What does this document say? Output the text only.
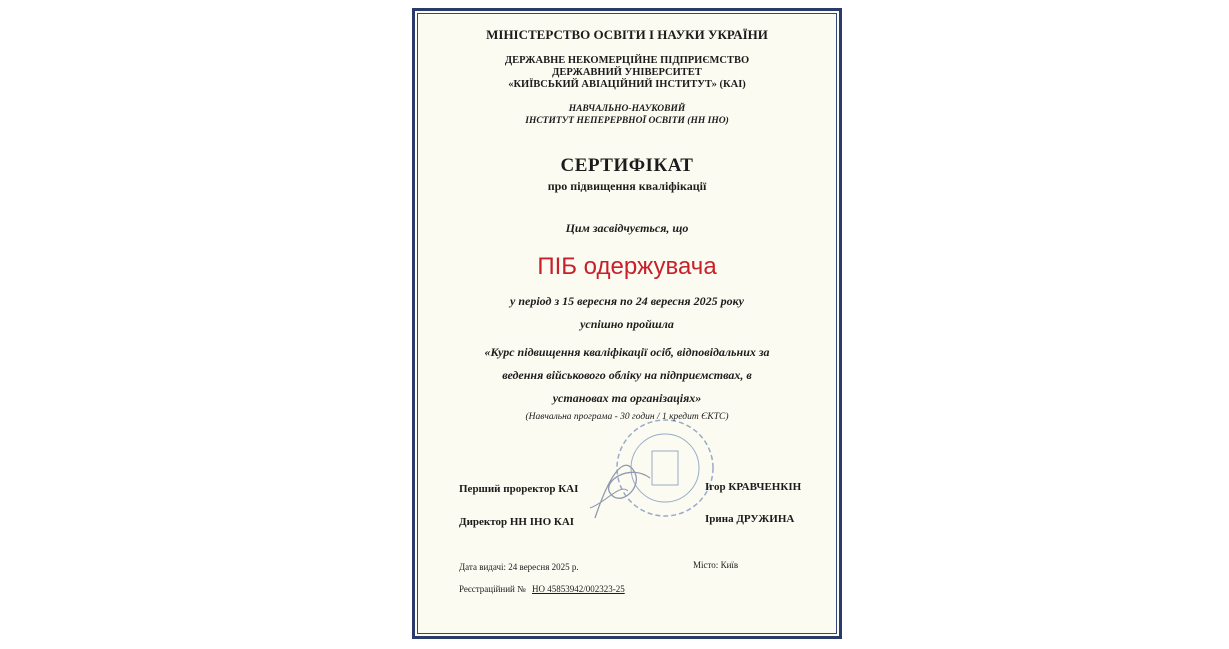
МІНІСТЕРСТВО ОСВІТИ І НАУКИ УКРАЇНИ
ДЕРЖАВНЕ НЕКОМЕРЦІЙНЕ ПІДПРИЄМСТВО
ДЕРЖАВНИЙ УНІВЕРСИТЕТ
«КИЇВСЬКИЙ АВІАЦІЙНИЙ ІНСТИТУТ» (КАІ)
НАВЧАЛЬНО-НАУКОВИЙ
ІНСТИТУТ НЕПЕРЕРВНОЇ ОСВІТИ (НН ІНО)
СЕРТИФІКАТ
про підвищення кваліфікації
Цим засвідчується, що
ПІБ одержувача
у період з 15 вересня по 24 вересня 2025 року
успішно пройшла
«Курс підвищення кваліфікації осіб, відповідальних за
ведення військового обліку на підприємствах, в
установах та організаціях»
(Навчальна програма - 30 годин / 1 кредит ЄКТС)
Перший проректор КАІ	Ігор КРАВЧЕНКІН
Директор НН ІНО КАІ	Ірина ДРУЖИНА
Дата видачі: 24 вересня 2025 р.	Місто: Київ
Реєстраційний № НО 45853942/002323-25
